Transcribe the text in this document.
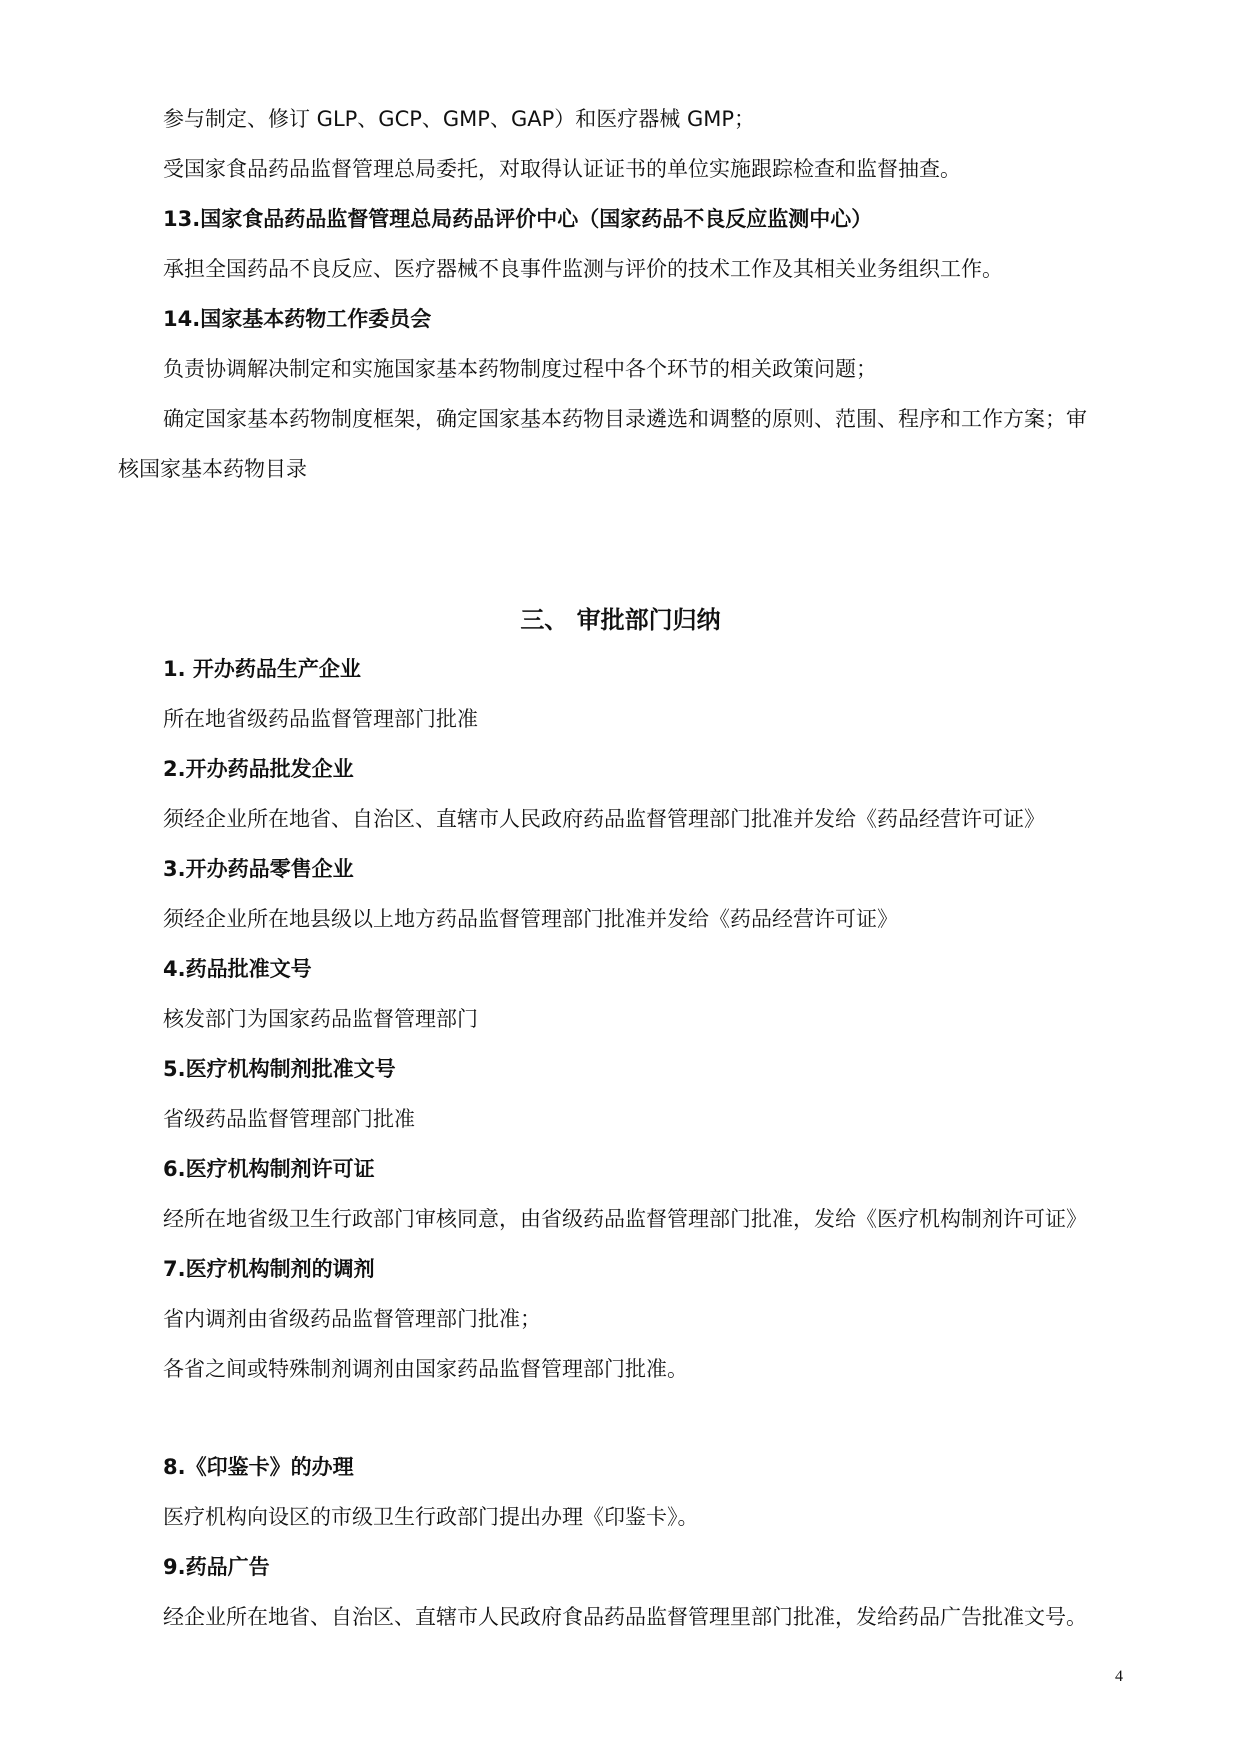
参与制定、修订 GLP、GCP、GMP、GAP）和医疗器械 GMP；
受国家食品药品监督管理总局委托，对取得认证证书的单位实施跟踪检查和监督抽查。
13.国家食品药品监督管理总局药品评价中心（国家药品不良反应监测中心）
承担全国药品不良反应、医疗器械不良事件监测与评价的技术工作及其相关业务组织工作。
14.国家基本药物工作委员会
负责协调解决制定和实施国家基本药物制度过程中各个环节的相关政策问题；
确定国家基本药物制度框架，确定国家基本药物目录遴选和调整的原则、范围、程序和工作方案；审
核国家基本药物目录
三、 审批部门归纳
1. 开办药品生产企业
所在地省级药品监督管理部门批准
2.开办药品批发企业
须经企业所在地省、自治区、直辖市人民政府药品监督管理部门批准并发给《药品经营许可证》
3.开办药品零售企业
须经企业所在地县级以上地方药品监督管理部门批准并发给《药品经营许可证》
4.药品批准文号
核发部门为国家药品监督管理部门
5.医疗机构制剂批准文号
省级药品监督管理部门批准
6.医疗机构制剂许可证
经所在地省级卫生行政部门审核同意，由省级药品监督管理部门批准，发给《医疗机构制剂许可证》
7.医疗机构制剂的调剂
省内调剂由省级药品监督管理部门批准；
各省之间或特殊制剂调剂由国家药品监督管理部门批准。
8.《印鉴卡》的办理
医疗机构向设区的市级卫生行政部门提出办理《印鉴卡》。
9.药品广告
经企业所在地省、自治区、直辖市人民政府食品药品监督管理里部门批准，发给药品广告批准文号。
4
